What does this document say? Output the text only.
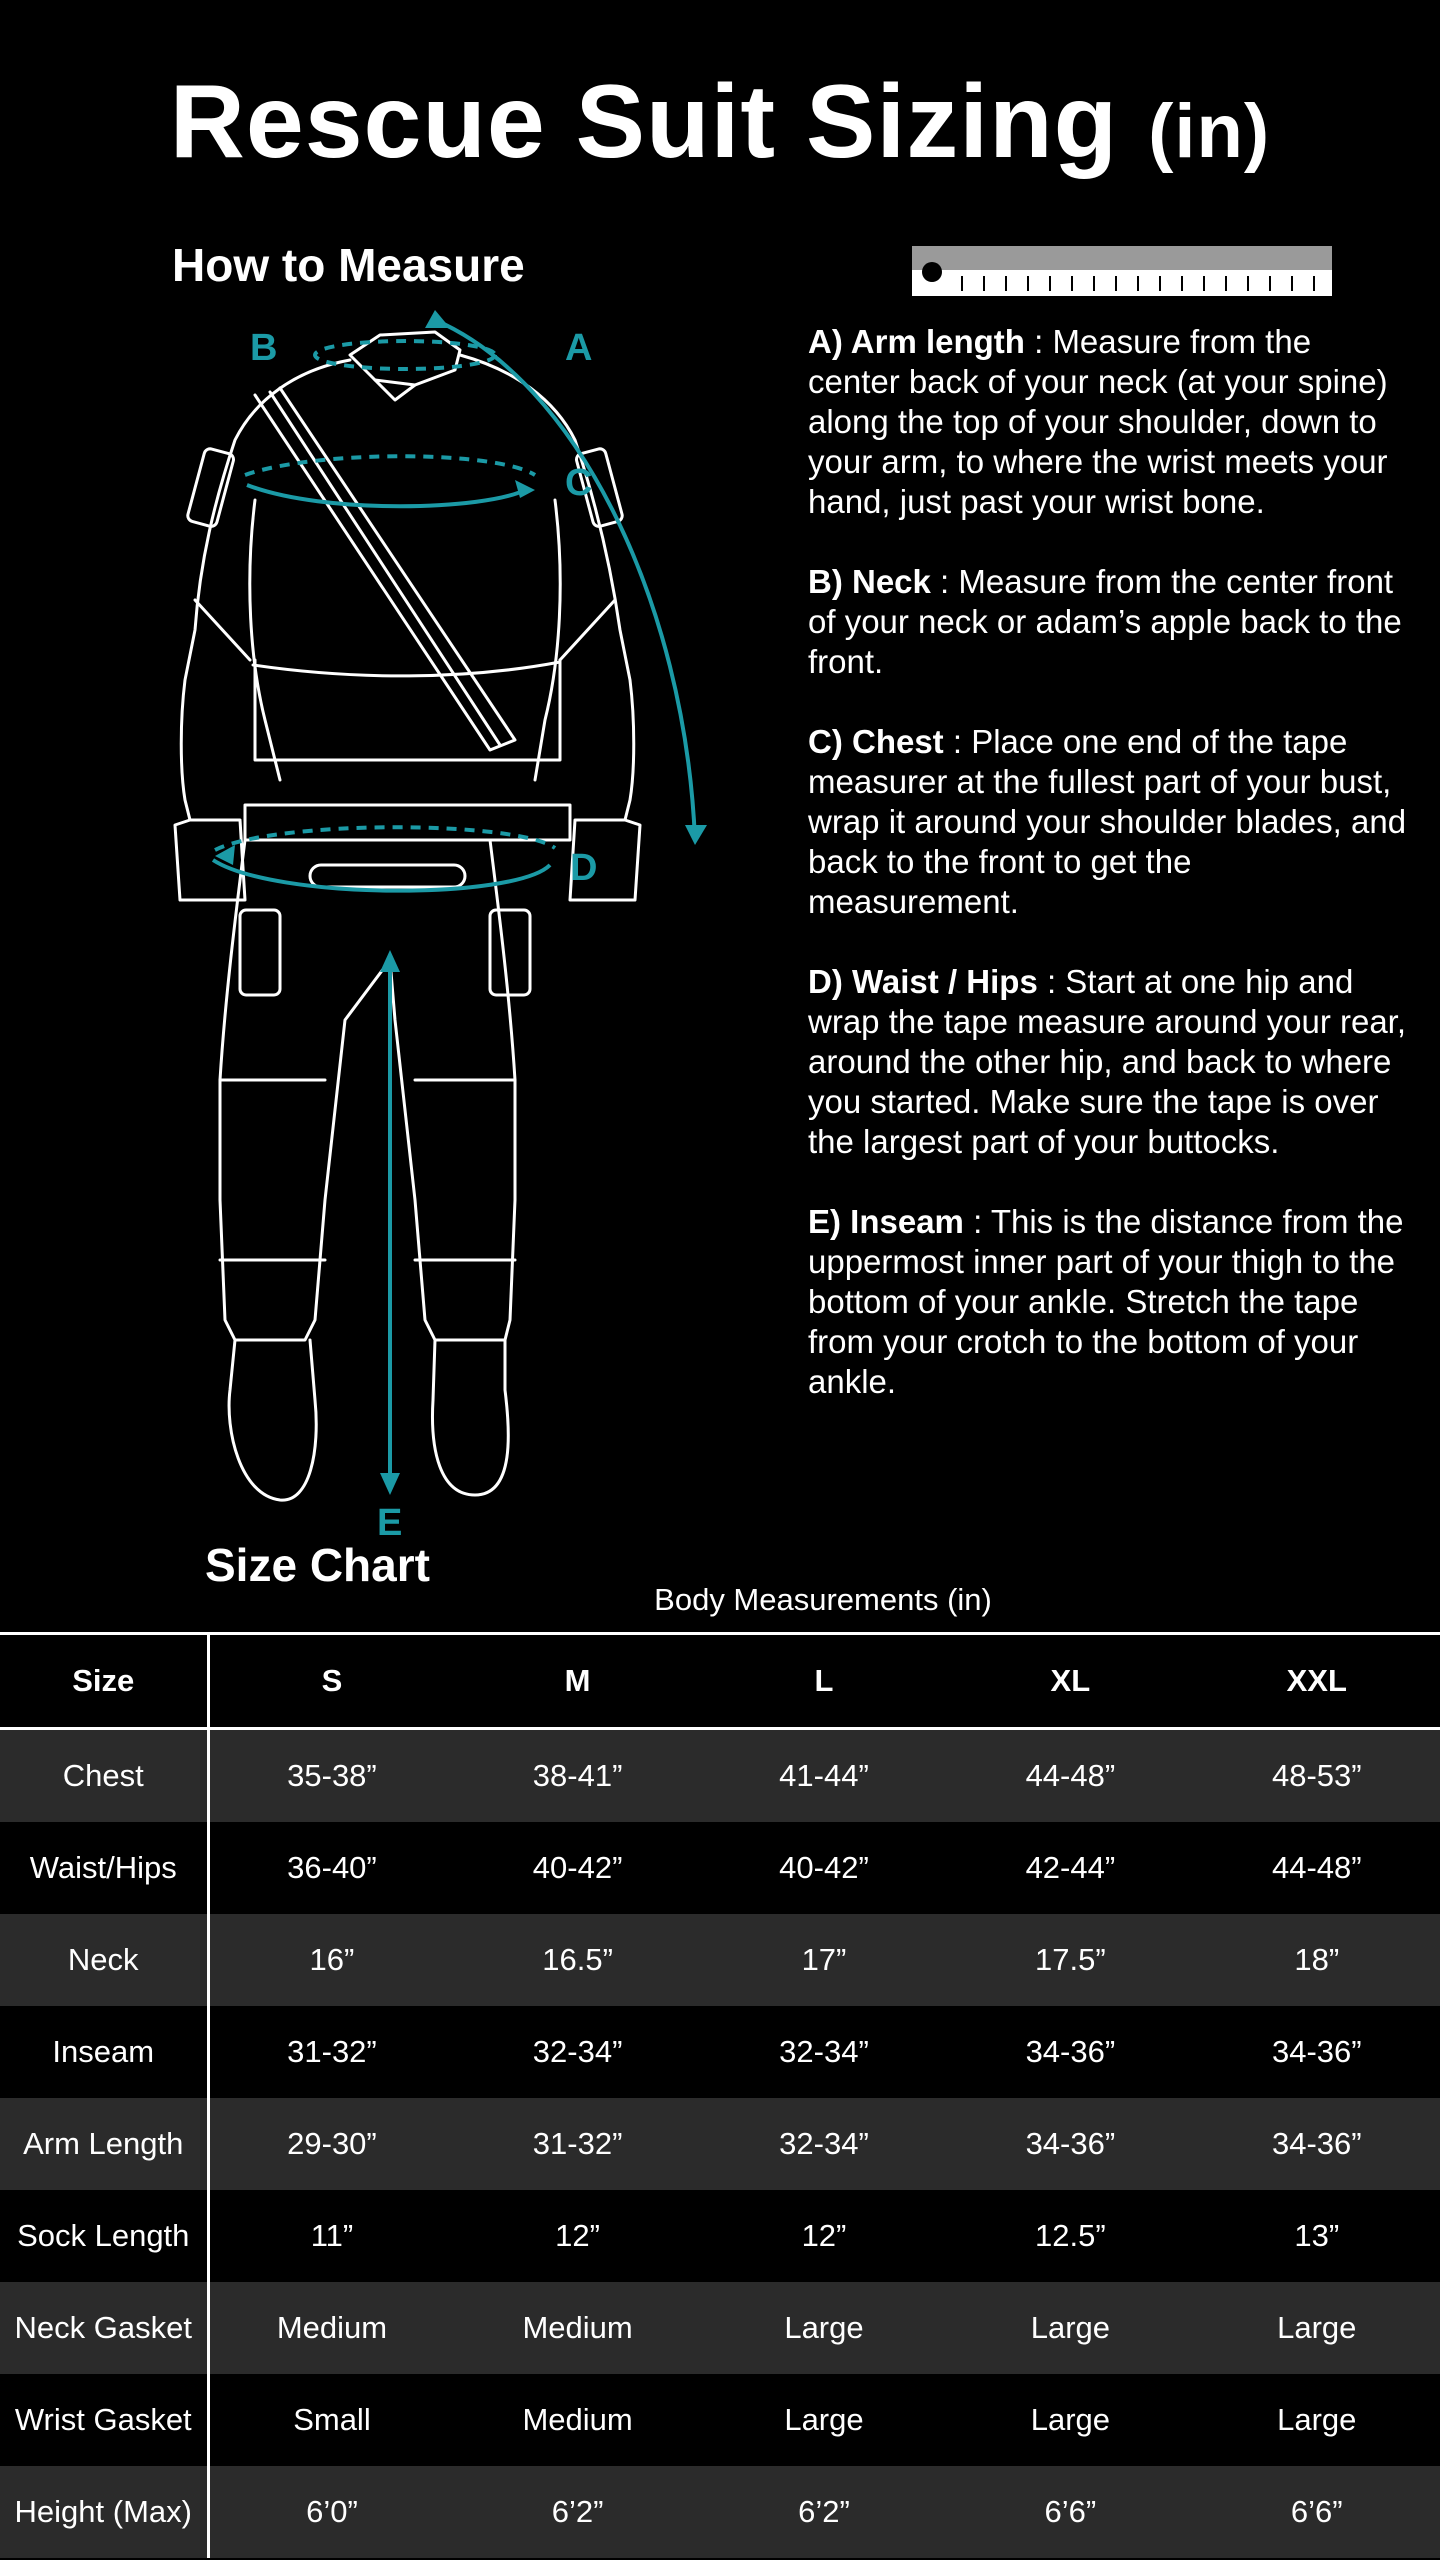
Rescue Suit Sizing (in)
How to Measure
B	A
C
D
E

A) Arm length : Measure from the center back of your neck (at your spine) along the top of your shoulder, down to your arm, to where the wrist meets your hand, just past your wrist bone.

B) Neck : Measure from the center front of your neck or adam’s apple back to the front.

C) Chest : Place one end of the tape measurer at the fullest part of your bust, wrap it around your shoulder blades, and back to the front to get the measurement.

D) Waist / Hips : Start at one hip and wrap the tape measure around your rear, around the other hip, and back to where you started. Make sure the tape is over the largest part of your buttocks.

E) Inseam : This is the distance from the uppermost inner part of your thigh to the bottom of your ankle. Stretch the tape from your crotch to the bottom of your ankle.

Size Chart
Body Measurements (in)
Size	S	M	L	XL	XXL
Chest	35-38”	38-41”	41-44”	44-48”	48-53”
Waist/Hips	36-40”	40-42”	40-42”	42-44”	44-48”
Neck	16”	16.5”	17”	17.5”	18”
Inseam	31-32”	32-34”	32-34”	34-36”	34-36”
Arm Length	29-30”	31-32”	32-34”	34-36”	34-36”
Sock Length	11”	12”	12”	12.5”	13”
Neck Gasket	Medium	Medium	Large	Large	Large
Wrist Gasket	Small	Medium	Large	Large	Large
Height (Max)	6’0”	6’2”	6’2”	6’6”	6’6”
